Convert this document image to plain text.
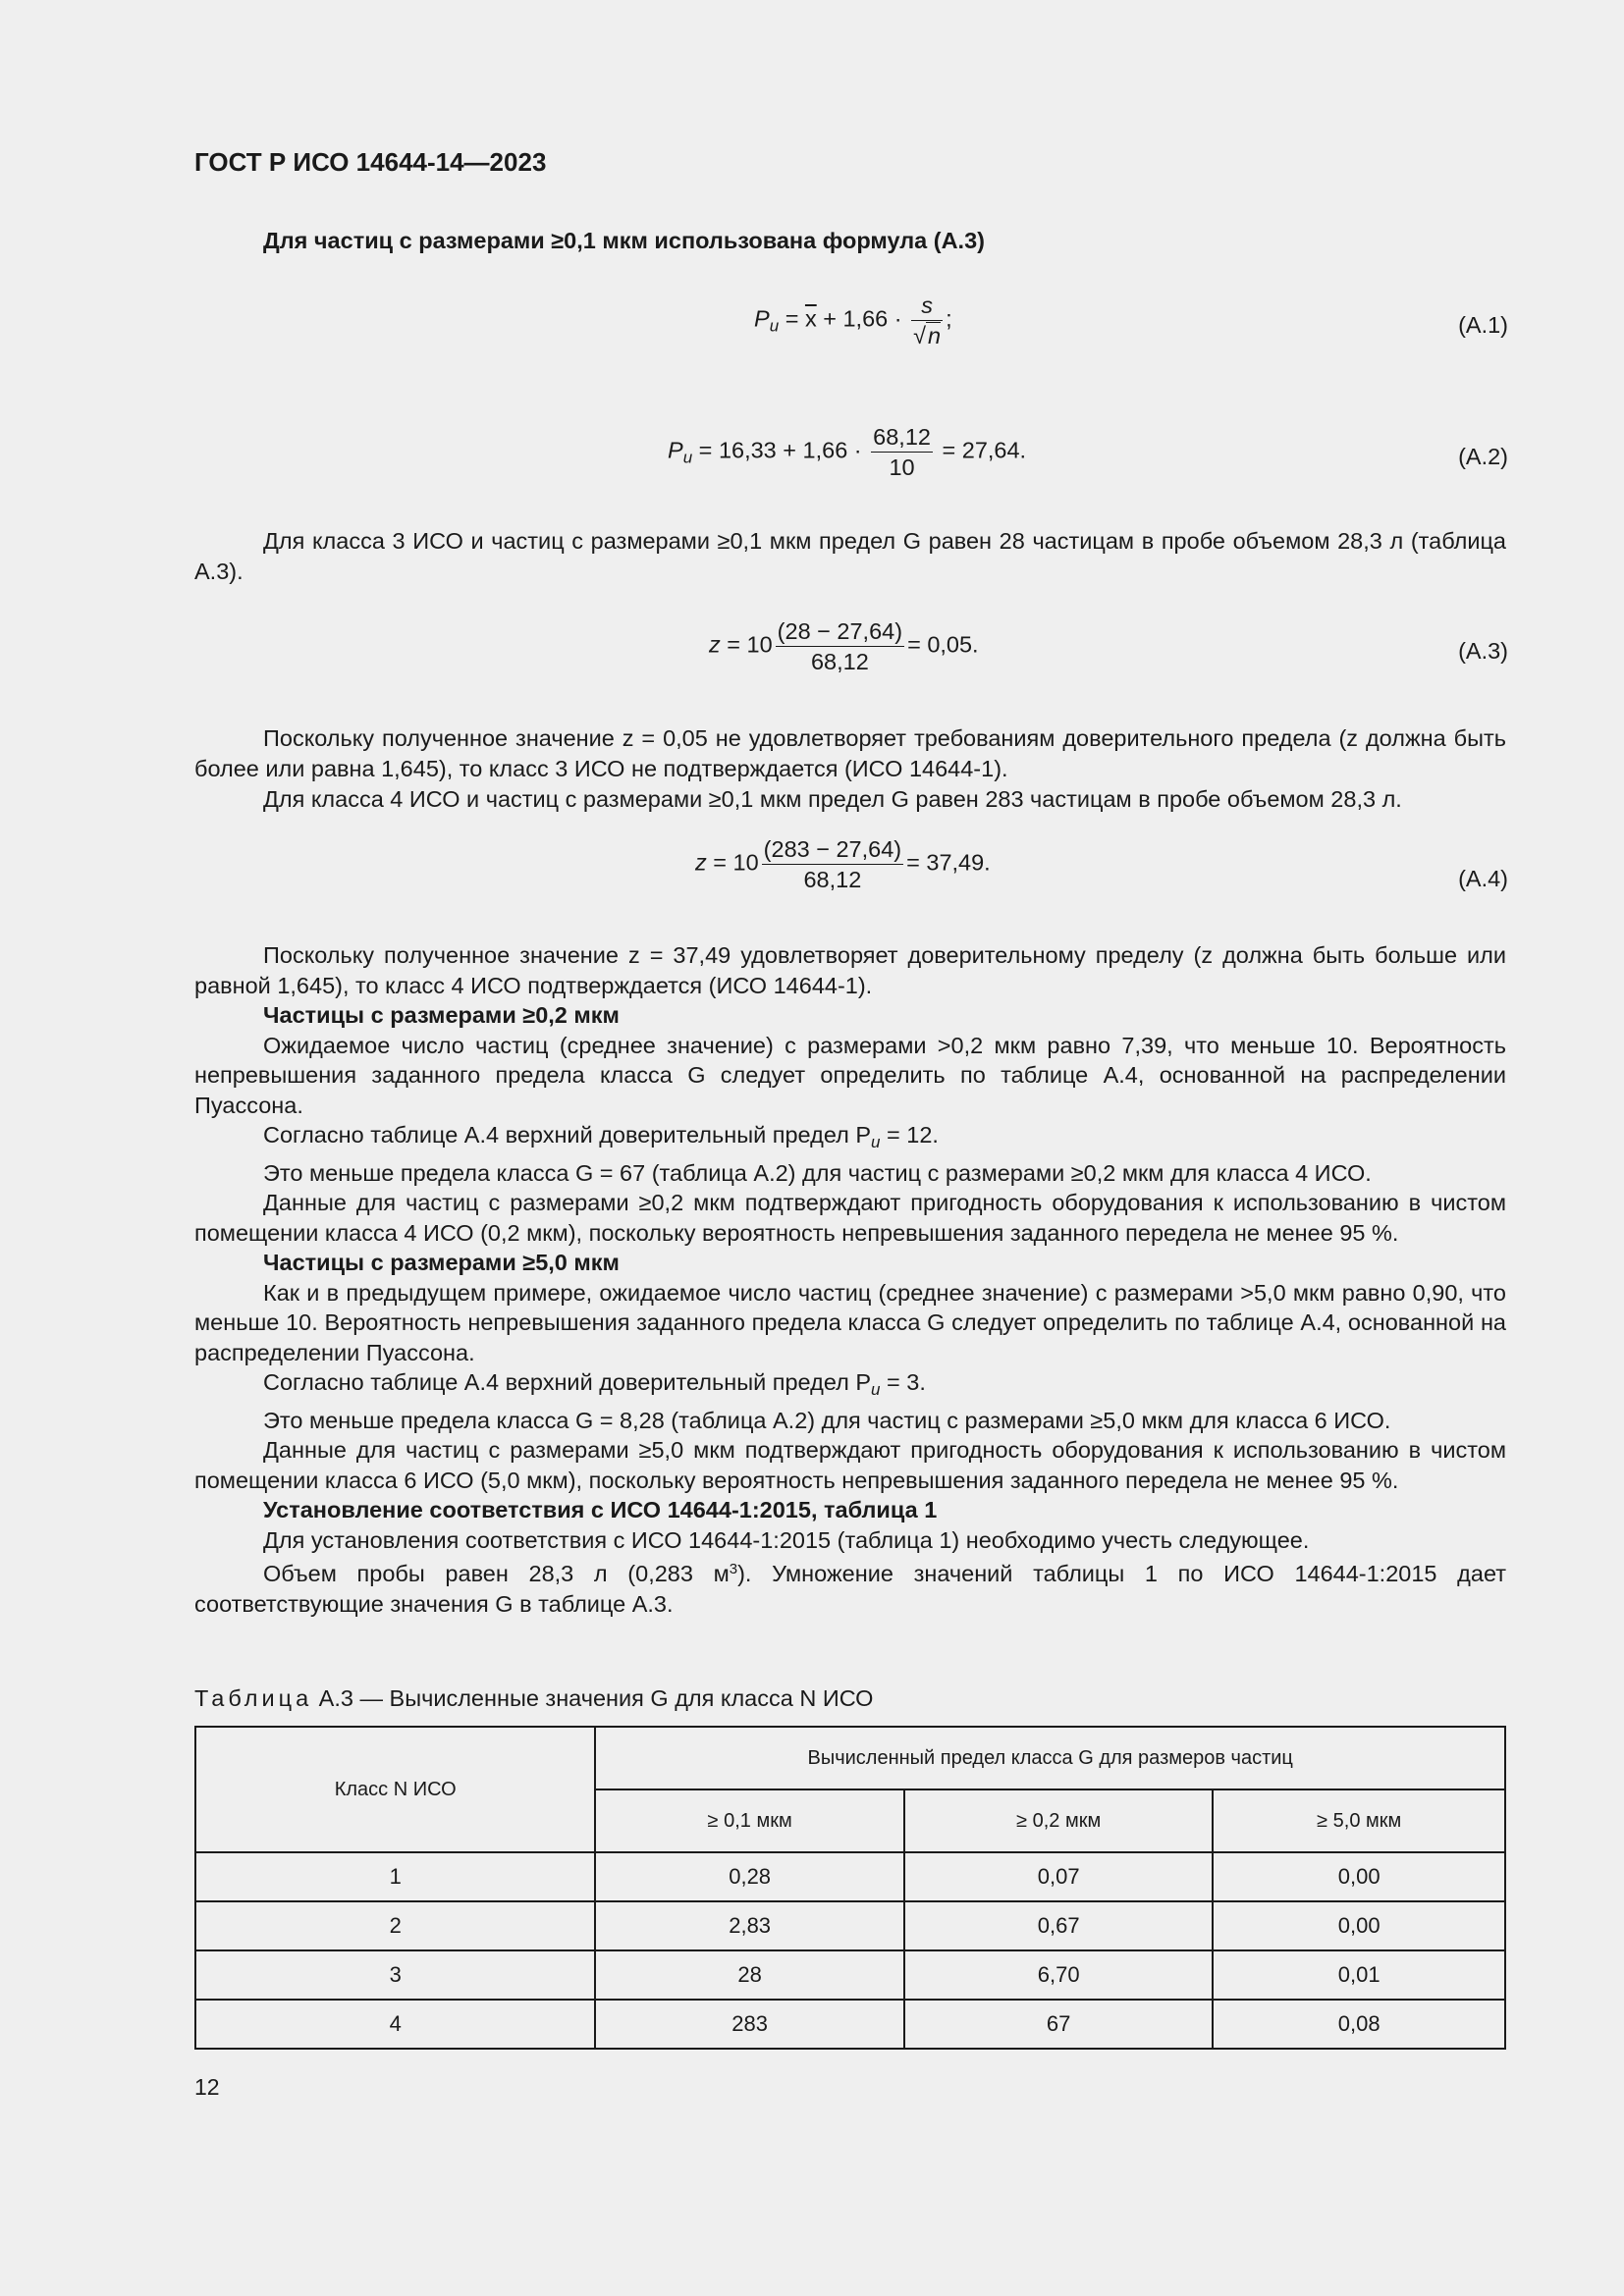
ГОСТ Р ИСО 14644-14—2023
Для частиц с размерами ≥0,1 мкм использована формула (А.3)
$P_u = \overline{x} + 1,66 \cdot \frac{s}{√n}$ ;	(А.1)
$P_u = 16,33 + 1,66 \cdot \frac{68,12}{10} = 27,64$.	(А.2)
Для класса 3 ИСО и частиц с размерами ≥0,1 мкм предел G равен 28 частицам в пробе объемом 28,3 л (таблица А.3).
$z = 10 \frac{(28 - 27,64)}{68,12} = 0,05$.	(А.3)
Поскольку полученное значение z = 0,05 не удовлетворяет требованиям доверительного предела (z должна быть более или равна 1,645), то класс 3 ИСО не подтверждается (ИСО 14644-1).
Для класса 4 ИСО и частиц с размерами ≥0,1 мкм предел G равен 283 частицам в пробе объемом 28,3 л.
$z = 10 \frac{(283 - 27,64)}{68,12} = 37,49$.
(А.4)

Поскольку полученное значение z = 37,49 удовлетворяет доверительному пределу (z должна быть больше или равной 1,645), то класс 4 ИСО подтверждается (ИСО 14644-1).

Частицы с размерами ≥0,2 мкм

Ожидаемое число частиц (среднее значение) с размерами >0,2 мкм равно 7,39, что меньше 10. Вероятность непревышения заданного предела класса G следует определить по таблице А.4, основанной на распределении Пуассона.

Согласно таблице А.4 верхний доверительный предел $P_u = 12$.

Это меньше предела класса G = 67 (таблица А.2) для частиц с размерами ≥0,2 мкм для класса 4 ИСО.

Данные для частиц с размерами ≥0,2 мкм подтверждают пригодность оборудования к использованию в чистом помещении класса 4 ИСО (0,2 мкм), поскольку вероятность непревышения заданного передела не менее 95 %.

Частицы с размерами ≥5,0 мкм

Как и в предыдущем примере, ожидаемое число частиц (среднее значение) с размерами >5,0 мкм равно 0,90, что меньше 10. Вероятность непревышения заданного предела класса G следует определить по таблице А.4, основанной на распределении Пуассона.

Согласно таблице А.4 верхний доверительный предел $P_u = 3$.

Это меньше предела класса G = 8,28 (таблица А.2) для частиц с размерами ≥5,0 мкм для класса 6 ИСО.

Данные для частиц с размерами ≥5,0 мкм подтверждают пригодность оборудования к использованию в чистом помещении класса 6 ИСО (5,0 мкм), поскольку вероятность непревышения заданного передела не менее 95 %.

Установление соответствия с ИСО 14644-1:2015, таблица 1

Для установления соответствия с ИСО 14644-1:2015 (таблица 1) необходимо учесть следующее.

Объем пробы равен 28,3 л (0,283 $м^3$). Умножение значений таблицы 1 по ИСО 14644-1:2015 дает соответствующие значения G в таблице А.3.

Таблица А.3 — Вычисленные значения G для класса N ИСО
Класс N ИСО	Вычисленный предел класса G для размеров частиц		
	≥ 0,1 мкм	≥ 0,2 мкм	≥ 5,0 мкм
1	0,28	0,07	0,00
2	2,83	0,67	0,00
3	28	6,70	0,01
4	283	67	0,08
12
